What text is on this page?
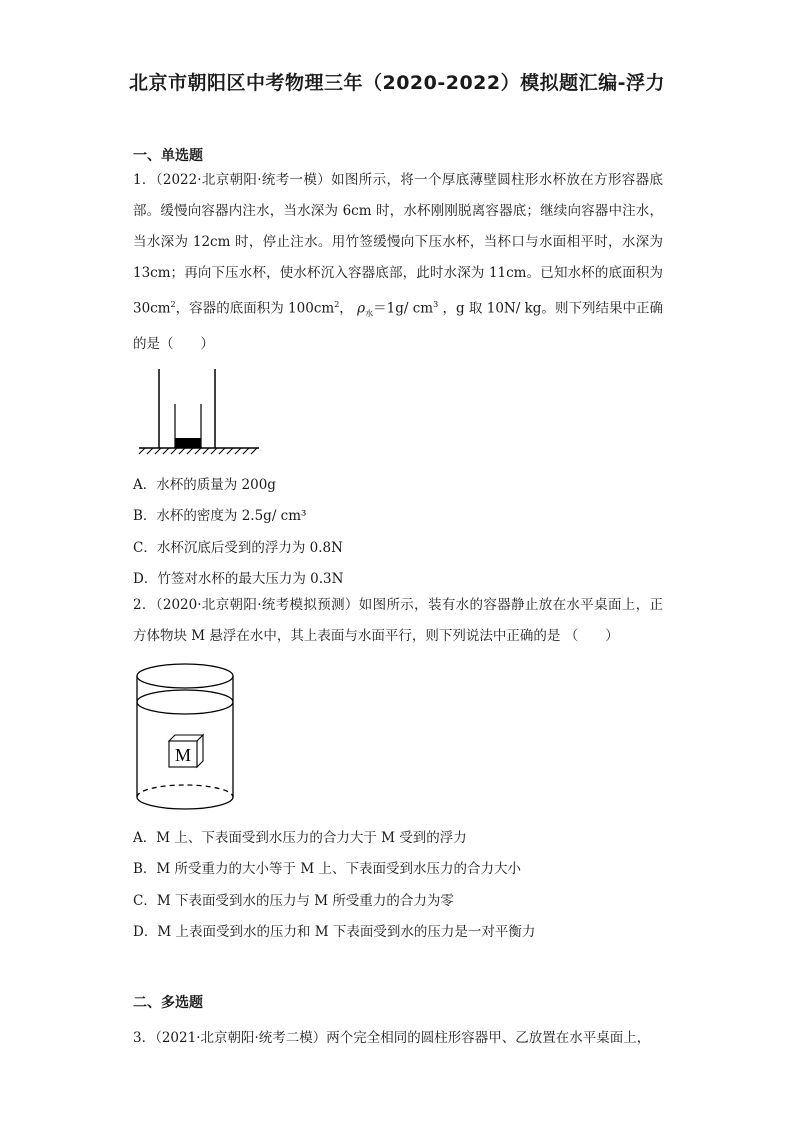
北京市朝阳区中考物理三年（2020-2022）模拟题汇编-浮力
一、单选题

1．（2022·北京朝阳·统考一模）如图所示，将一个厚底薄壁圆柱形水杯放在方形容器底部。缓慢向容器内注水，当水深为 6cm 时，水杯刚刚脱离容器底；继续向容器中注水，当水深为 12cm 时，停止注水。用竹签缓慢向下压水杯，当杯口与水面相平时，水深为 13cm；再向下压水杯，使水杯沉入容器底部，此时水深为 11cm。已知水杯的底面积为 $30cm^2$，容器的底面积为 $100cm^2$， $\rho_水=1g/$ $cm^3$ ，g 取 10N/ kg。则下列结果中正确的是（　　）

A．水杯的质量为 200g
B．水杯的密度为 2.5g/ cm³
C．水杯沉底后受到的浮力为 0.8N
D．竹签对水杯的最大压力为 0.3N

2．（2020·北京朝阳·统考模拟预测）如图所示，装有水的容器静止放在水平桌面上，正方体物块 M 悬浮在水中，其上表面与水面平行，则下列说法中正确的是 （　　）

M
A．M 上、下表面受到水压力的合力大于 M 受到的浮力
B．M 所受重力的大小等于 M 上、下表面受到水压力的合力大小
C．M 下表面受到水的压力与 M 所受重力的合力为零
D．M 上表面受到水的压力和 M 下表面受到水的压力是一对平衡力
二、多选题
3．（2021·北京朝阳·统考二模）两个完全相同的圆柱形容器甲、乙放置在水平桌面上，
